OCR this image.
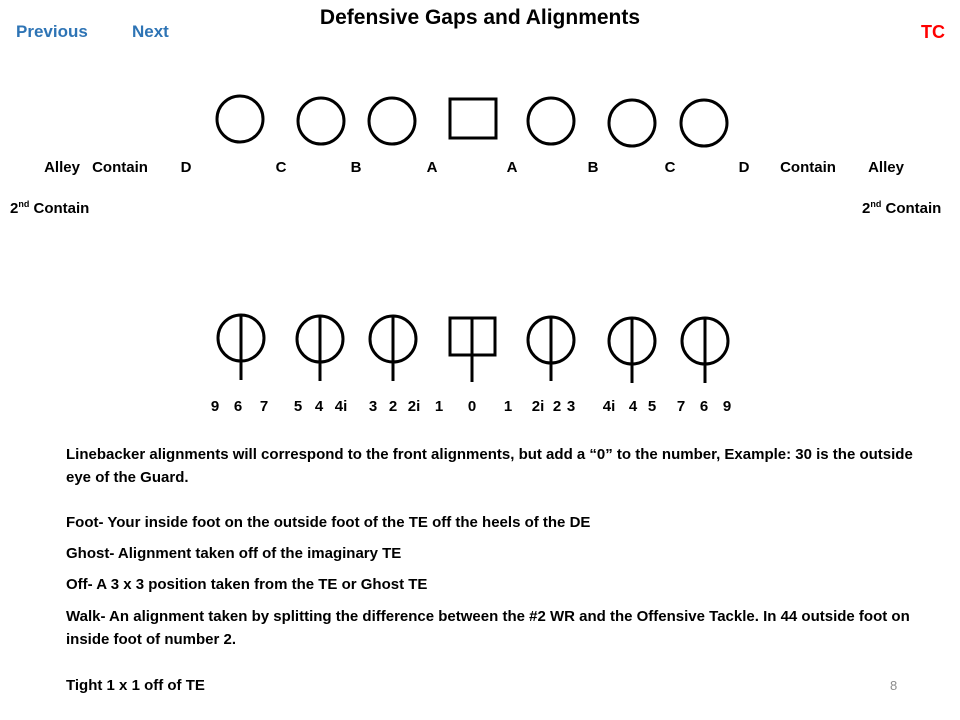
Previous	Next	TC
Defensive Gaps and Alignments
Alley Contain D	C	B	A	A	B	C	D Contain Alley
2nd Contain	2nd Contain
9 6 7 5 4 4i 3 2 2i 1 0 1 2i 2 3 4i 4 5 7 6 9
Linebacker alignments will correspond to the front alignments, but add a “0” to the number, Example: 30 is the outside eye of the Guard.
Foot- Your inside foot on the outside foot of the TE off the heels of the DE
Ghost- Alignment taken off of the imaginary TE
Off- A 3 x 3 position taken from the TE or Ghost TE
Walk- An alignment taken by splitting the difference between the #2 WR and the Offensive Tackle. In 44 outside foot on inside foot of number 2.
Tight 1 x 1 off of TE	8
